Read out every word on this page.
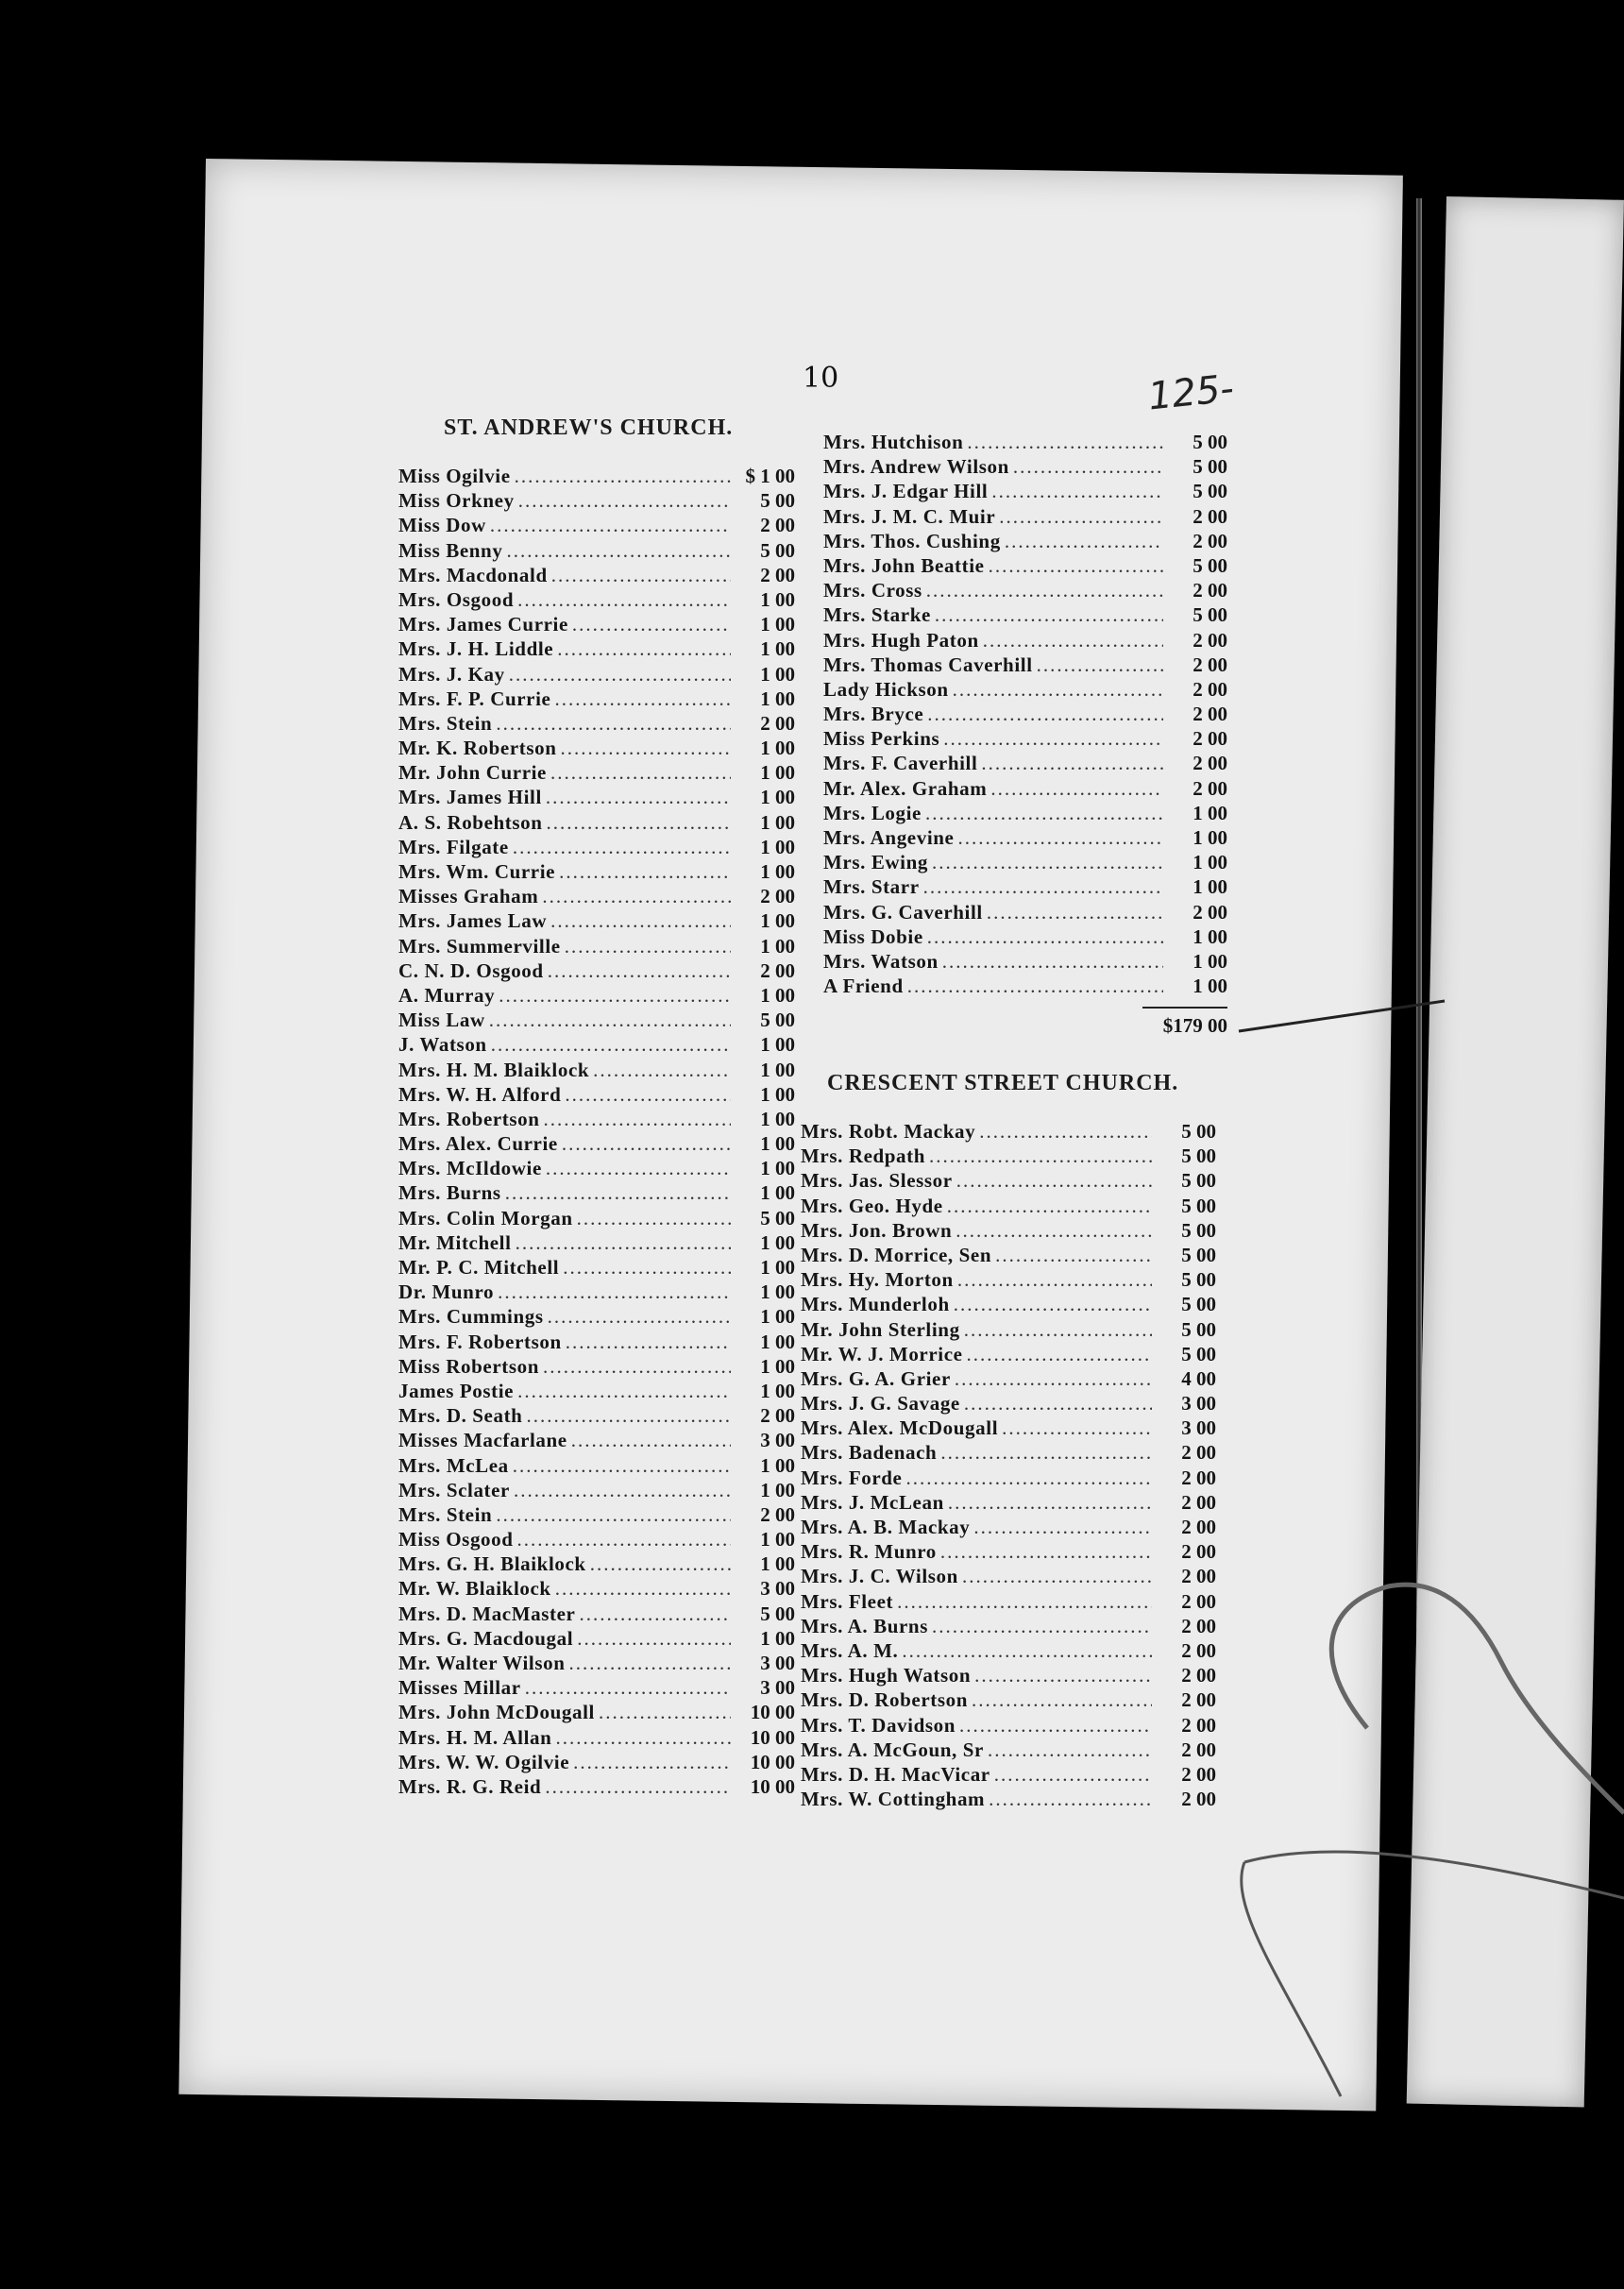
10	125-
ST. ANDREW'S CHURCH.
Miss Ogilvie .....	$ 1 00
Miss Orkney .....	5 00
Miss Dow .....	2 00
Miss Benny .....	5 00
Mrs. Macdonald .....	2 00
Mrs. Osgood .....	1 00
Mrs. James Currie .....	1 00
Mrs. J. H. Liddle .....	1 00
Mrs. J. Kay .....	1 00
Mrs. F. P. Currie .....	1 00
Mrs. Stein .....	2 00
Mr. K. Robertson .....	1 00
Mr. John Currie .....	1 00
Mrs. James Hill .....	1 00
A. S. Robehtson .....	1 00
Mrs. Filgate .....	1 00
Mrs. Wm. Currie .....	1 00
Misses Graham .....	2 00
Mrs. James Law .....	1 00
Mrs. Summerville .....	1 00
C. N. D. Osgood .....	2 00
A. Murray .....	1 00
Miss Law .....	5 00
J. Watson .....	1 00
Mrs. H. M. Blaiklock .....	1 00
Mrs. W. H. Alford .....	1 00
Mrs. Robertson .....	1 00
Mrs. Alex. Currie .....	1 00
Mrs. McIldowie .....	1 00
Mrs. Burns .....	1 00
Mrs. Colin Morgan .....	5 00
Mr. Mitchell .....	1 00
Mr. P. C. Mitchell .....	1 00
Dr. Munro .....	1 00
Mrs. Cummings .....	1 00
Mrs. F. Robertson .....	1 00
Miss Robertson .....	1 00
James Postie .....	1 00
Mrs. D. Seath .....	2 00
Misses Macfarlane .....	3 00
Mrs. McLea .....	1 00
Mrs. Sclater .....	1 00
Mrs. Stein .....	2 00
Miss Osgood .....	1 00
Mrs. G. H. Blaiklock .....	1 00
Mr. W. Blaiklock .....	3 00
Mrs. D. MacMaster .....	5 00
Mrs. G. Macdougal .....	1 00
Mr. Walter Wilson .....	3 00
Misses Millar .....	3 00
Mrs. John McDougall .....	10 00
Mrs. H. M. Allan .....	10 00
Mrs. W. W. Ogilvie .....	10 00
Mrs. R. G. Reid .....	10 00
Mrs. Hutchison .....	5 00
Mrs. Andrew Wilson .....	5 00
Mrs. J. Edgar Hill .....	5 00
Mrs. J. M. C. Muir .....	2 00
Mrs. Thos. Cushing .....	2 00
Mrs. John Beattie .....	5 00
Mrs. Cross .....	2 00
Mrs. Starke .....	5 00
Mrs. Hugh Paton .....	2 00
Mrs. Thomas Caverhill .....	2 00
Lady Hickson .....	2 00
Mrs. Bryce .....	2 00
Miss Perkins .....	2 00
Mrs. F. Caverhill .....	2 00
Mr. Alex. Graham .....	2 00
Mrs. Logie .....	1 00
Mrs. Angevine .....	1 00
Mrs. Ewing .....	1 00
Mrs. Starr .....	1 00
Mrs. G. Caverhill .....	2 00
Miss Dobie .....	1 00
Mrs. Watson .....	1 00
A Friend .....	1 00
$179 00
CRESCENT STREET CHURCH.
Mrs. Robt. Mackay .....	5 00
Mrs. Redpath .....	5 00
Mrs. Jas. Slessor .....	5 00
Mrs. Geo. Hyde .....	5 00
Mrs. Jon. Brown .....	5 00
Mrs. D. Morrice, Sen .....	5 00
Mrs. Hy. Morton .....	5 00
Mrs. Munderloh .....	5 00
Mr. John Sterling .....	5 00
Mr. W. J. Morrice .....	5 00
Mrs. G. A. Grier .....	4 00
Mrs. J. G. Savage .....	3 00
Mrs. Alex. McDougall .....	3 00
Mrs. Badenach .....	2 00
Mrs. Forde .....	2 00
Mrs. J. McLean .....	2 00
Mrs. A. B. Mackay .....	2 00
Mrs. R. Munro .....	2 00
Mrs. J. C. Wilson .....	2 00
Mrs. Fleet .....	2 00
Mrs. A. Burns .....	2 00
Mrs. A. M. .....	2 00
Mrs. Hugh Watson .....	2 00
Mrs. D. Robertson .....	2 00
Mrs. T. Davidson .....	2 00
Mrs. A. McGoun, Sr .....	2 00
Mrs. D. H. MacVicar .....	2 00
Mrs. W. Cottingham .....	2 00
